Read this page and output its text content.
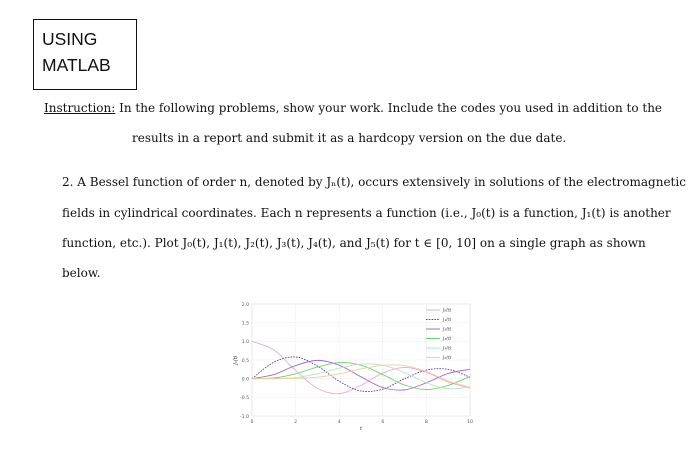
USING
MATLAB
Instruction: In the following problems, show your work. Include the codes you used in addition to the
results in a report and submit it as a hardcopy version on the due date.
2. A Bessel function of order n, denoted by Jₙ(t), occurs extensively in solutions of the electromagnetic
fields in cylindrical coordinates. Each n represents a function (i.e., J₀(t) is a function, J₁(t) is another
function, etc.). Plot J₀(t), J₁(t), J₂(t), J₃(t), J₄(t), and J₅(t) for t ∈ [0, 10] on a single graph as shown
below.
-1.0
-0.5
0.0
0.5
1.0
1.5
2.0
0	2	4	6	8	10
t
Jₙ(t)
J₀(t)
J₁(t)
J₂(t)
J₃(t)
J₄(t)
J₅(t)
